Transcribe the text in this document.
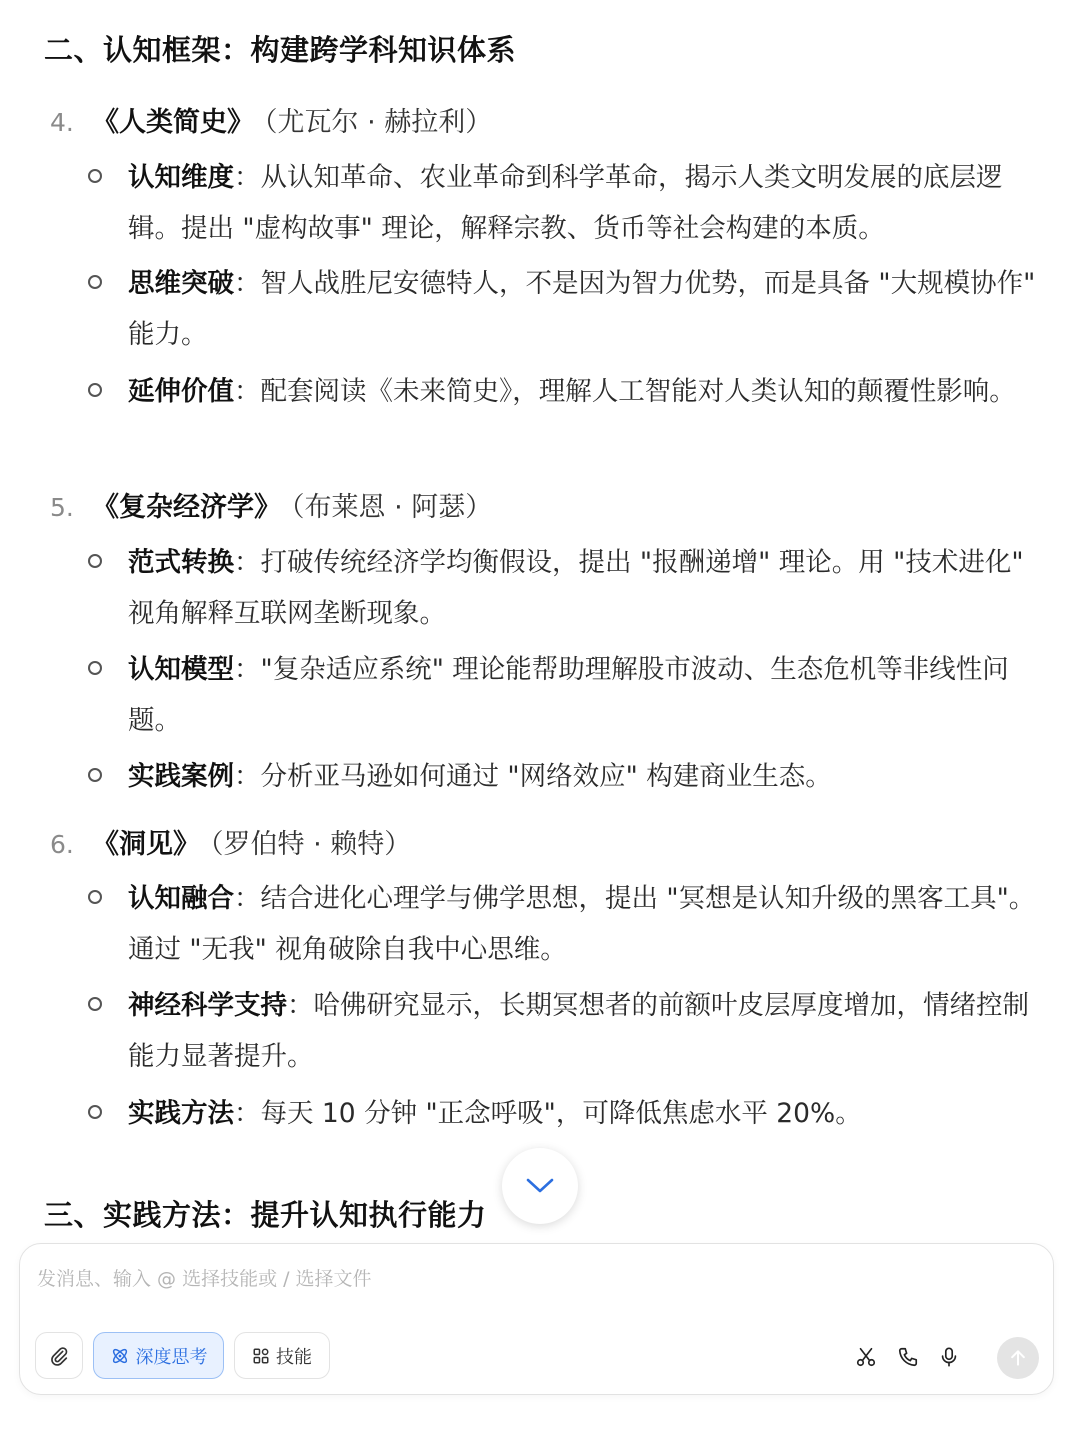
二、认知框架：构建跨学科知识体系
4. 《人类简史》 （尤瓦尔 · 赫拉利）
认知维度：从认知革命、农业革命到科学革命，揭示人类文明发展的底层逻辑。提出 "虚构故事" 理论，解释宗教、货币等社会构建的本质。
思维突破：智人战胜尼安德特人，不是因为智力优势，而是具备 "大规模协作" 能力。
延伸价值：配套阅读《未来简史》，理解人工智能对人类认知的颠覆性影响。
5. 《复杂经济学》 （布莱恩 · 阿瑟）
范式转换：打破传统经济学均衡假设，提出 "报酬递增" 理论。用 "技术进化" 视角解释互联网垄断现象。
认知模型："复杂适应系统" 理论能帮助理解股市波动、生态危机等非线性问题。
实践案例：分析亚马逊如何通过 "网络效应" 构建商业生态。
6. 《洞见》 （罗伯特 · 赖特）
认知融合：结合进化心理学与佛学思想，提出 "冥想是认知升级的黑客工具"。通过 "无我" 视角破除自我中心思维。
神经科学支持：哈佛研究显示，长期冥想者的前额叶皮层厚度增加，情绪控制能力显著提升。
实践方法：每天 10 分钟 "正念呼吸"，可降低焦虑水平 20%。
三、实践方法：提升认知执行能力
发消息、输入 @ 选择技能或 / 选择文件
深度思考	技能
